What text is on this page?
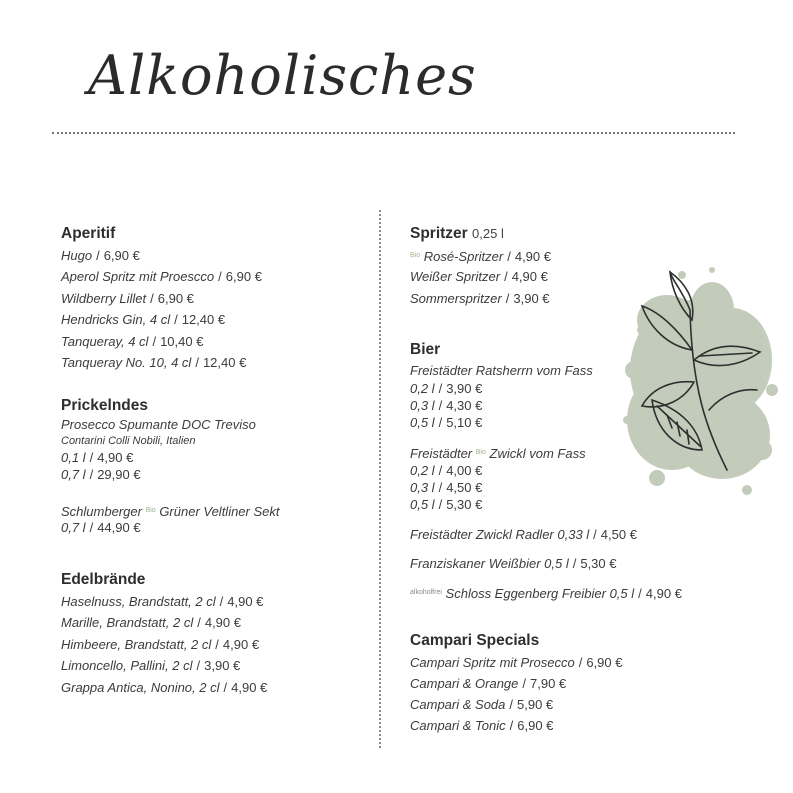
Alkoholisches
Aperitif
Hugo / 6,90 €
Aperol Spritz mit Proescco / 6,90 €
Wildberry Lillet / 6,90 €
Hendricks Gin, 4 cl / 12,40 €
Tanqueray, 4 cl / 10,40 €
Tanqueray No. 10, 4 cl / 12,40 €
Prickelndes
Prosecco Spumante DOC Treviso
Contarini Colli Nobili, Italien
0,1 l / 4,90 €
0,7 l / 29,90 €
Schlumberger $^{Bio}$ Grüner Veltliner Sekt
0,7 l / 44,90 €
Edelbrände
Haselnuss, Brandstatt, 2 cl / 4,90 €
Marille, Brandstatt, 2 cl / 4,90 €
Himbeere, Brandstatt, 2 cl / 4,90 €
Limoncello, Pallini, 2 cl / 3,90 €
Grappa Antica, Nonino, 2 cl / 4,90 €
Spritzer 0,25 l
$^{Bio}$ Rosé-Spritzer / 4,90 €
Weißer Spritzer / 4,90 €
Sommerspritzer / 3,90 €
Bier
Freistädter Ratsherrn vom Fass
0,2 l / 3,90 €
0,3 l / 4,30 €
0,5 l / 5,10 €
Freistädter $^{Bio}$ Zwickl vom Fass
0,2 l / 4,00 €
0,3 l / 4,50 €
0,5 l / 5,30 €
Freistädter Zwickl Radler 0,33 l / 4,50 €
Franziskaner Weißbier 0,5 l / 5,30 €
$^{alkoholfrei}$ Schloss Eggenberg Freibier 0,5 l / 4,90 €
Campari Specials
Campari Spritz mit Prosecco / 6,90 €
Campari & Orange / 7,90 €
Campari & Soda / 5,90 €
Campari & Tonic / 6,90 €
